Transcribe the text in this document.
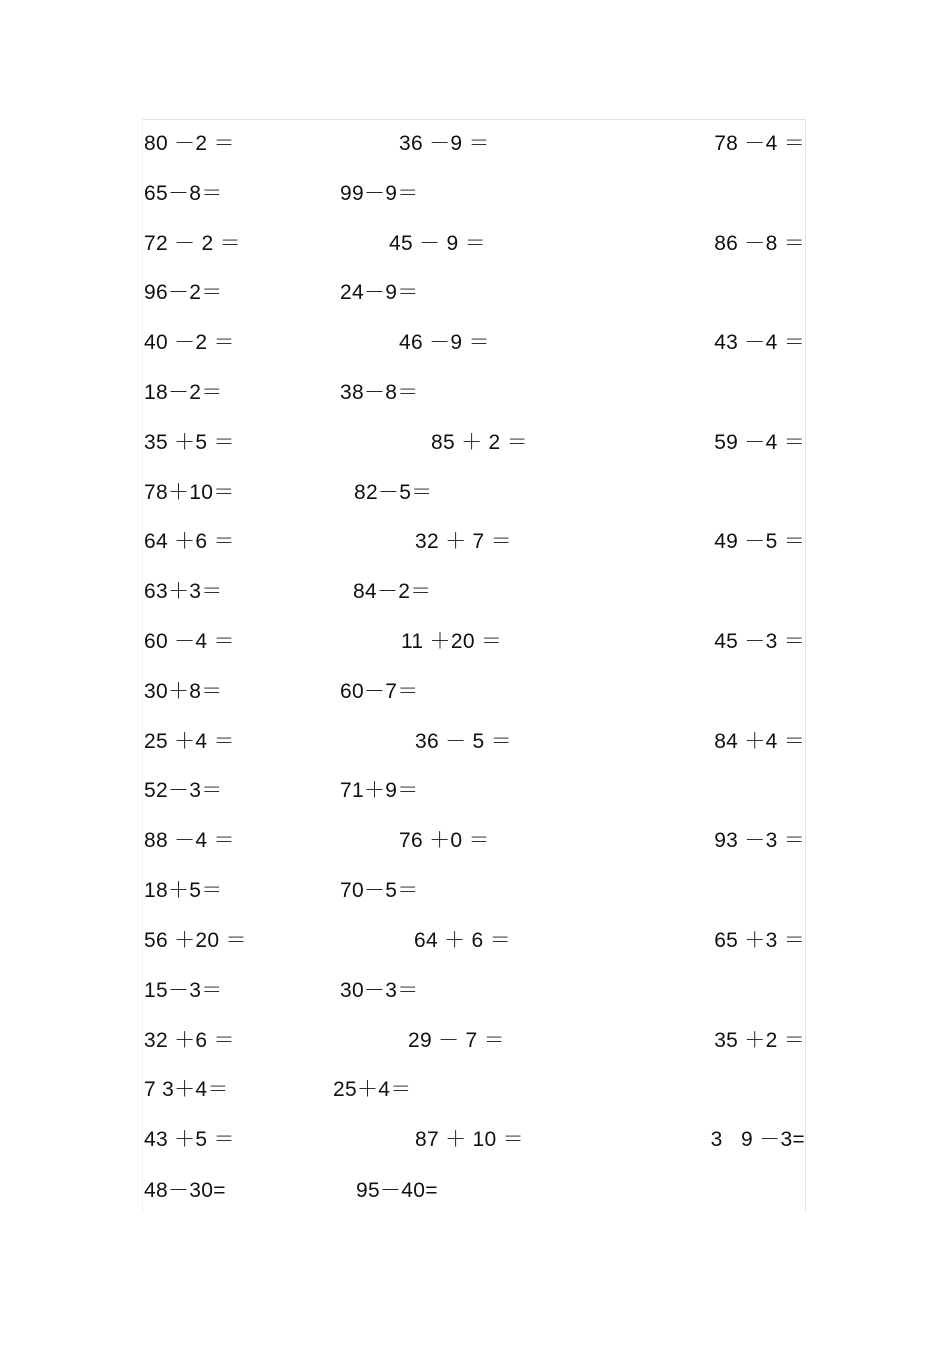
80 －2 ＝	36 －9 ＝	78 －4 ＝
65－8＝	99－9＝
72 － 2 ＝	45 － 9 ＝	86 －8 ＝
96－2＝	24－9＝
40 －2 ＝	46 －9 ＝	43 －4 ＝
18－2＝	38－8＝
35 ＋5 ＝	85 ＋ 2 ＝	59 －4 ＝
78＋10＝	82－5＝
64 ＋6 ＝	32 ＋ 7 ＝	49 －5 ＝
63＋3＝	84－2＝
60 －4 ＝	11 ＋20 ＝	45 －3 ＝
30＋8＝	60－7＝
25 ＋4 ＝	36 － 5 ＝	84 ＋4 ＝
52－3＝	71＋9＝
88 －4 ＝	76 ＋0 ＝	93 －3 ＝
18＋5＝	70－5＝
56 ＋20 ＝	64 ＋ 6 ＝	65 ＋3 ＝
15－3＝	30－3＝
32 ＋6 ＝	29 － 7 ＝	35 ＋2 ＝
7 3＋4＝	25＋4＝
43 ＋5 ＝	87 ＋ 10 ＝	3   9 －3=
48－30=	95－40=
